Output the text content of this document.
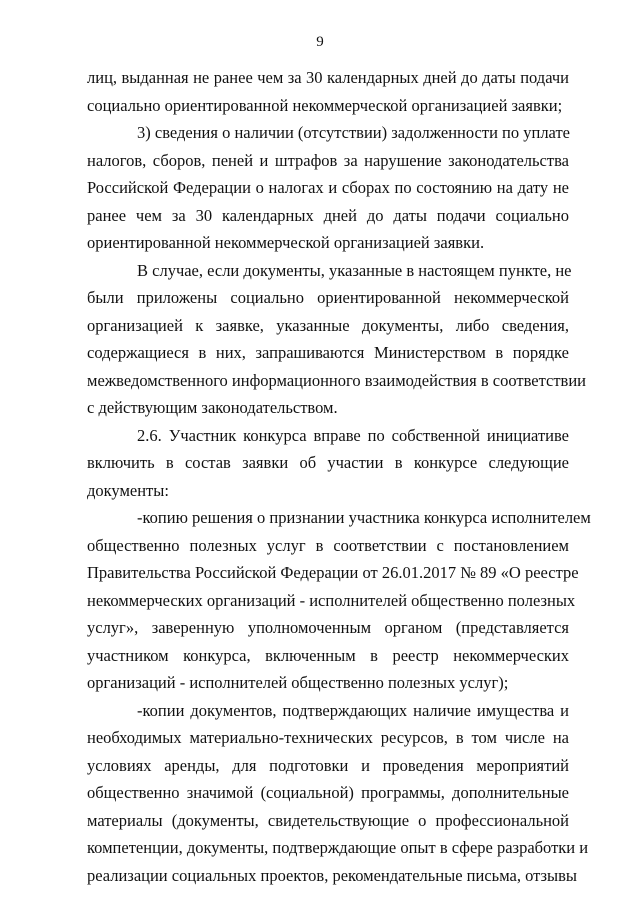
9

лиц, выданная не ранее чем за 30 календарных дней до даты подачи
социально ориентированной некоммерческой организацией заявки;

3) сведения о наличии (отсутствии) задолженности по уплате
налогов, сборов, пеней и штрафов за нарушение законодательства
Российской Федерации о налогах и сборах по состоянию на дату не
ранее чем за 30 календарных дней до даты подачи социально
ориентированной некоммерческой организацией заявки.

В случае, если документы, указанные в настоящем пункте, не
были приложены социально ориентированной некоммерческой
организацией к заявке, указанные документы, либо сведения,
содержащиеся в них, запрашиваются Министерством в порядке
межведомственного информационного взаимодействия в соответствии
с действующим законодательством.

2.6. Участник конкурса вправе по собственной инициативе
включить в состав заявки об участии в конкурсе следующие
документы:

-копию решения о признании участника конкурса исполнителем
общественно полезных услуг в соответствии с постановлением
Правительства Российской Федерации от 26.01.2017 № 89 «О реестре
некоммерческих организаций - исполнителей общественно полезных
услуг», заверенную уполномоченным органом (представляется
участником конкурса, включенным в реестр некоммерческих
организаций - исполнителей общественно полезных услуг);

-копии документов, подтверждающих наличие имущества и
необходимых материально-технических ресурсов, в том числе на
условиях аренды, для подготовки и проведения мероприятий
общественно значимой (социальной) программы, дополнительные
материалы (документы, свидетельствующие о профессиональной
компетенции, документы, подтверждающие опыт в сфере разработки и
реализации социальных проектов, рекомендательные письма, отзывы
